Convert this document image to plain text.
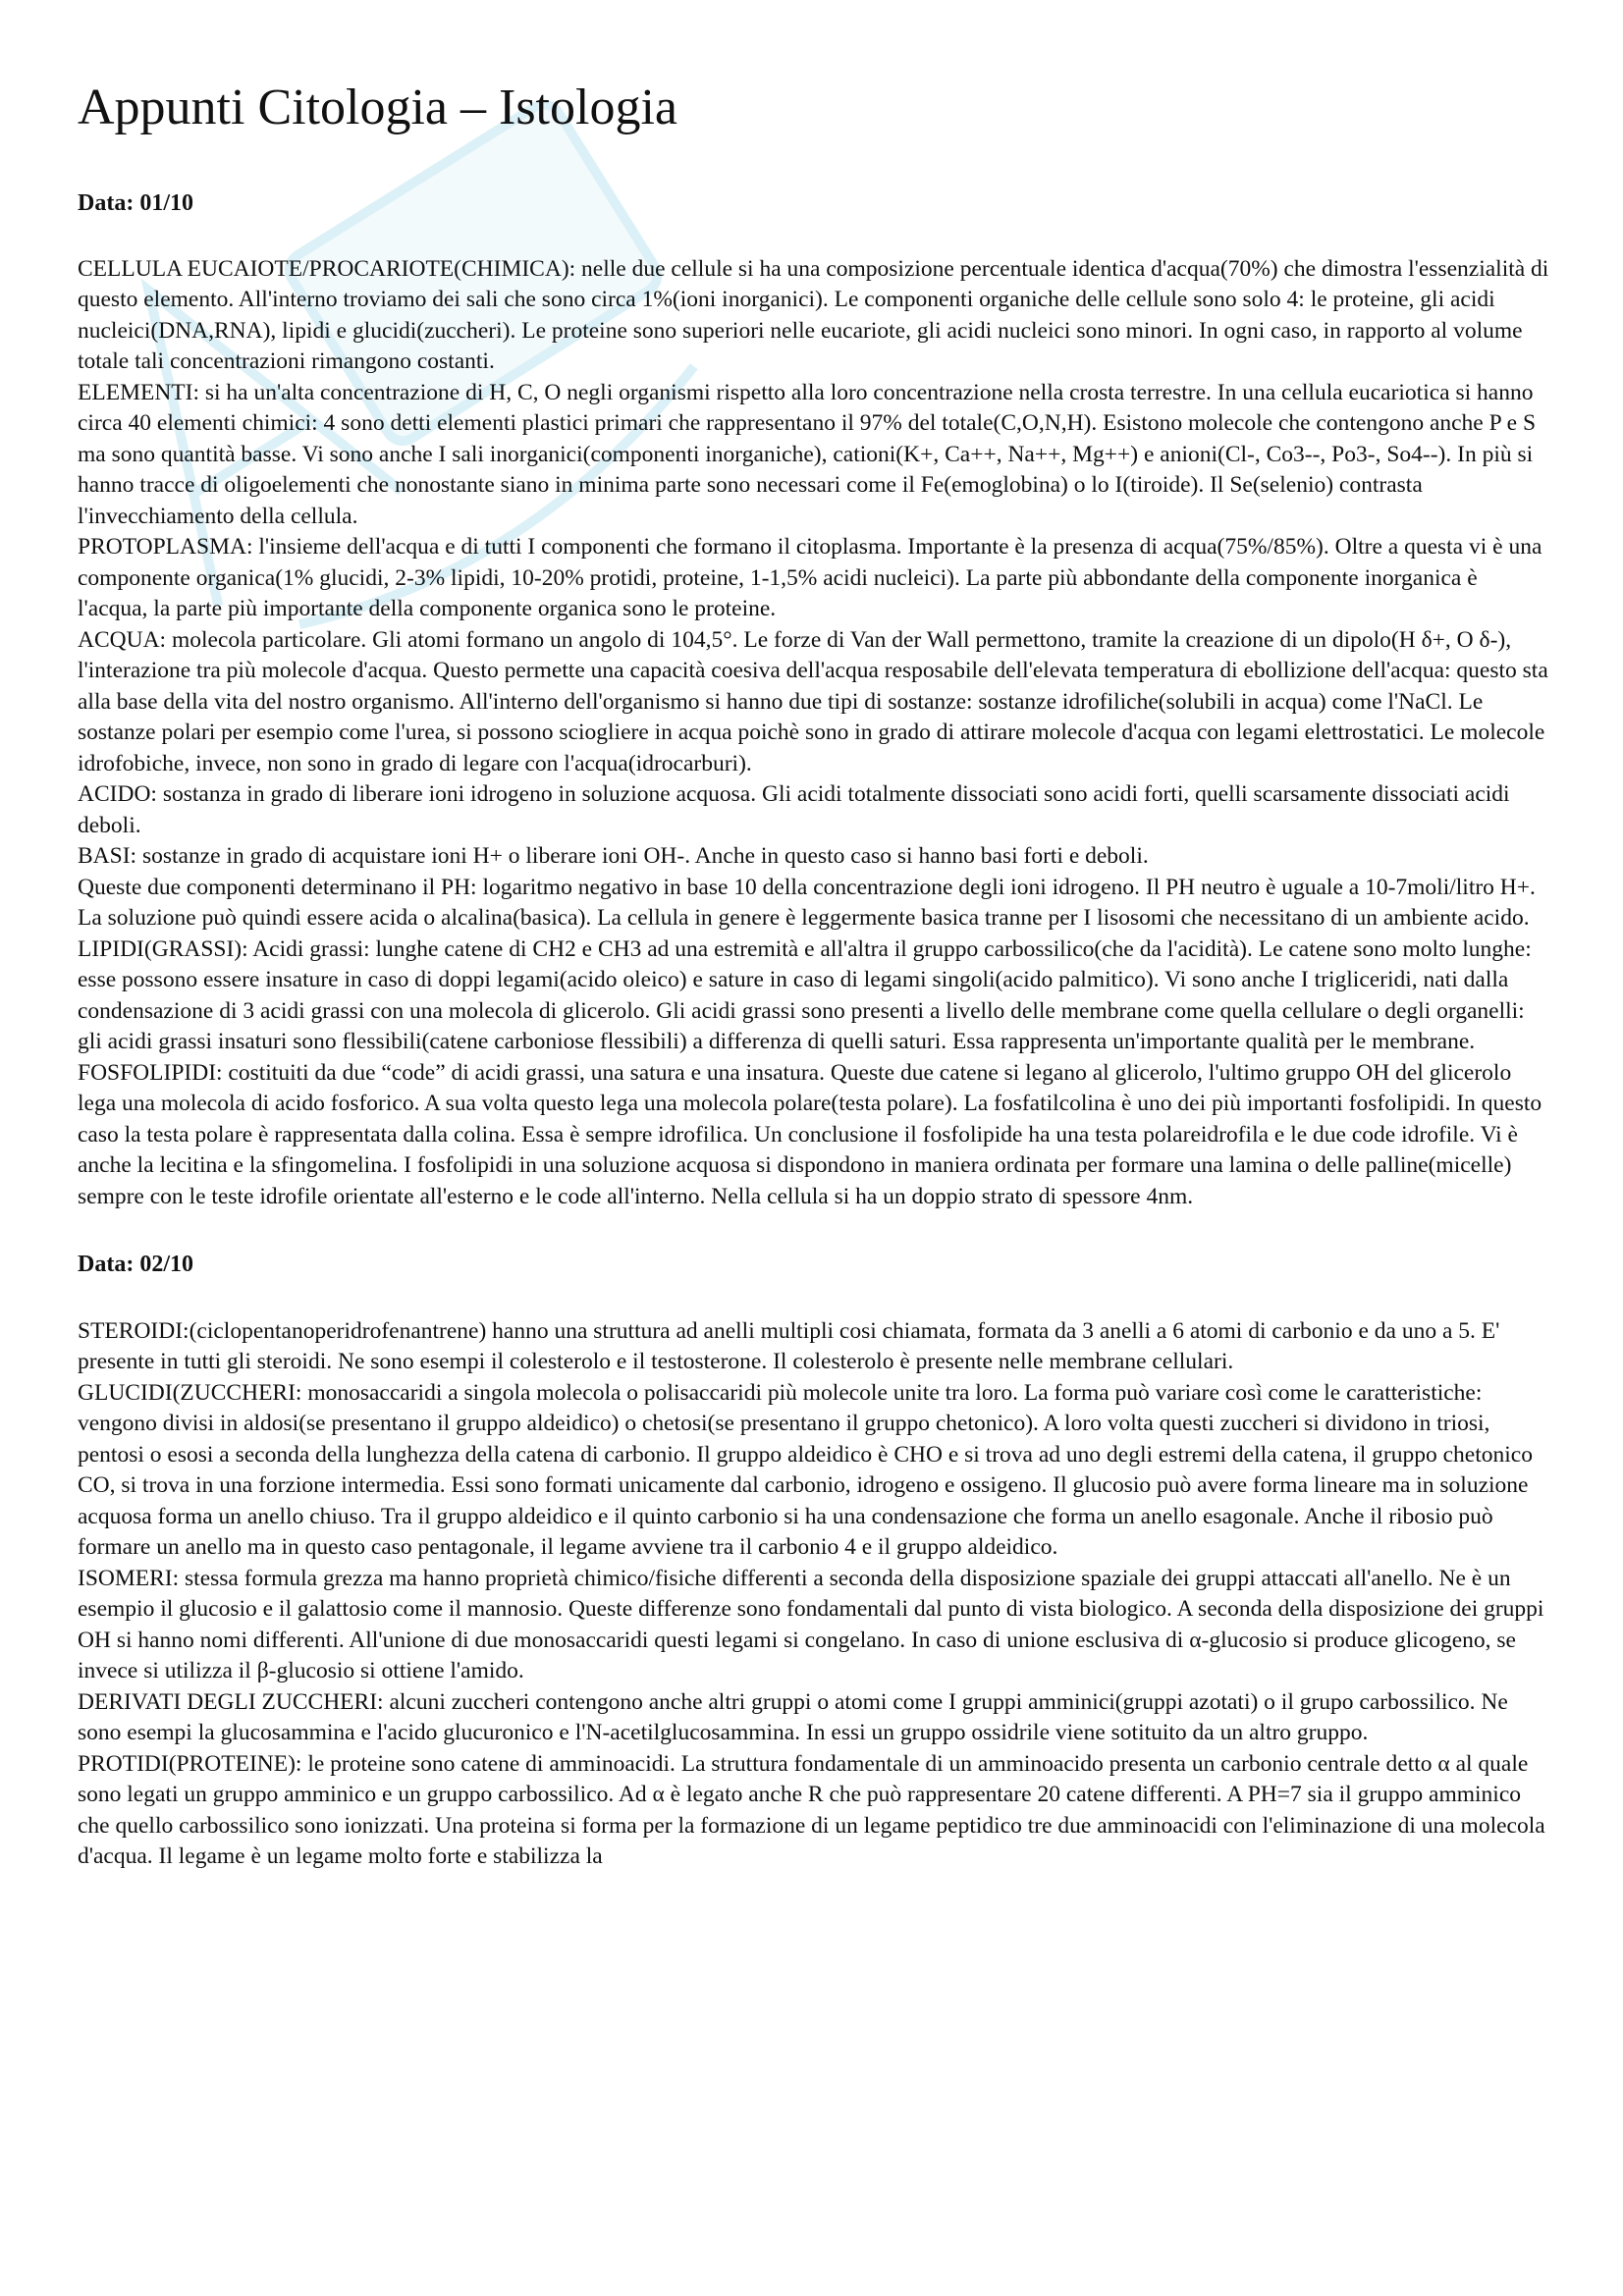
Appunti Citologia – Istologia
Data: 01/10

CELLULA EUCAIOTE/PROCARIOTE(CHIMICA): nelle due cellule si ha una composizione percentuale identica d'acqua(70%) che dimostra l'essenzialità di questo elemento. All'interno troviamo dei sali che sono circa 1%(ioni inorganici). Le componenti organiche delle cellule sono solo 4: le proteine, gli acidi nucleici(DNA,RNA), lipidi e glucidi(zuccheri). Le proteine sono superiori nelle eucariote, gli acidi nucleici sono minori. In ogni caso, in rapporto al volume totale tali concentrazioni rimangono costanti.

ELEMENTI: si ha un'alta concentrazione di H, C, O negli organismi rispetto alla loro concentrazione nella crosta terrestre. In una cellula eucariotica si hanno circa 40 elementi chimici: 4 sono detti elementi plastici primari che rappresentano il 97% del totale(C,O,N,H). Esistono molecole che contengono anche P e S ma sono quantità basse. Vi sono anche I sali inorganici(componenti inorganiche), cationi(K+, Ca++, Na++, Mg++) e anioni(Cl-, Co3--, Po3-, So4--). In più si hanno tracce di oligoelementi che nonostante siano in minima parte sono necessari come il Fe(emoglobina) o lo I(tiroide). Il Se(selenio) contrasta l'invecchiamento della cellula.

PROTOPLASMA: l'insieme dell'acqua e di tutti I componenti che formano il citoplasma. Importante è la presenza di acqua(75%/85%). Oltre a questa vi è una componente organica(1% glucidi, 2-3% lipidi, 10-20% protidi, proteine, 1-1,5% acidi nucleici). La parte più abbondante della componente inorganica è l'acqua, la parte più importante della componente organica sono le proteine.

ACQUA: molecola particolare. Gli atomi formano un angolo di 104,5°. Le forze di Van der Wall permettono, tramite la creazione di un dipolo(H δ+, O δ-), l'interazione tra più molecole d'acqua. Questo permette una capacità coesiva dell'acqua resposabile dell'elevata temperatura di ebollizione dell'acqua: questo sta alla base della vita del nostro organismo. All'interno dell'organismo si hanno due tipi di sostanze: sostanze idrofiliche(solubili in acqua) come l'NaCl. Le sostanze polari per esempio come l'urea, si possono sciogliere in acqua poichè sono in grado di attirare molecole d'acqua con legami elettrostatici. Le molecole idrofobiche, invece, non sono in grado di legare con l'acqua(idrocarburi).

ACIDO: sostanza in grado di liberare ioni idrogeno in soluzione acquosa. Gli acidi totalmente dissociati sono acidi forti, quelli scarsamente dissociati acidi deboli.

BASI: sostanze in grado di acquistare ioni H+ o liberare ioni OH-. Anche in questo caso si hanno basi forti e deboli.

Queste due componenti determinano il PH: logaritmo negativo in base 10 della concentrazione degli ioni idrogeno. Il PH neutro è uguale a 10-7moli/litro H+. La soluzione può quindi essere acida o alcalina(basica). La cellula in genere è leggermente basica tranne per I lisosomi che necessitano di un ambiente acido.

LIPIDI(GRASSI): Acidi grassi: lunghe catene di CH2 e CH3 ad una estremità e all'altra il gruppo carbossilico(che da l'acidità). Le catene sono molto lunghe: esse possono essere insature in caso di doppi legami(acido oleico) e sature in caso di legami singoli(acido palmitico). Vi sono anche I trigliceridi, nati dalla condensazione di 3 acidi grassi con una molecola di glicerolo. Gli acidi grassi sono presenti a livello delle membrane come quella cellulare o degli organelli: gli acidi grassi insaturi sono flessibili(catene carboniose flessibili) a differenza di quelli saturi. Essa rappresenta un'importante qualità per le membrane.

FOSFOLIPIDI: costituiti da due “code” di acidi grassi, una satura e una insatura. Queste due catene si legano al glicerolo, l'ultimo gruppo OH del glicerolo lega una molecola di acido fosforico. A sua volta questo lega una molecola polare(testa polare). La fosfatilcolina è uno dei più importanti fosfolipidi. In questo caso la testa polare è rappresentata dalla colina. Essa è sempre idrofilica. Un conclusione il fosfolipide ha una testa polareidrofila e le due code idrofile. Vi è anche la lecitina e la sfingomelina. I fosfolipidi in una soluzione acquosa si dispondono in maniera ordinata per formare una lamina o delle palline(micelle) sempre con le teste idrofile orientate all'esterno e le code all'interno. Nella cellula si ha un doppio strato di spessore 4nm.

Data: 02/10

STEROIDI:(ciclopentanoperidrofenantrene) hanno una struttura ad anelli multipli cosi chiamata, formata da 3 anelli a 6 atomi di carbonio e da uno a 5. E' presente in tutti gli steroidi. Ne sono esempi il colesterolo e il testosterone. Il colesterolo è presente nelle membrane cellulari.

GLUCIDI(ZUCCHERI: monosaccaridi a singola molecola o polisaccaridi più molecole unite tra loro. La forma può variare così come le caratteristiche: vengono divisi in aldosi(se presentano il gruppo aldeidico) o chetosi(se presentano il gruppo chetonico). A loro volta questi zuccheri si dividono in triosi, pentosi o esosi a seconda della lunghezza della catena di carbonio. Il gruppo aldeidico è CHO e si trova ad uno degli estremi della catena, il gruppo chetonico CO, si trova in una forzione intermedia. Essi sono formati unicamente dal carbonio, idrogeno e ossigeno. Il glucosio può avere forma lineare ma in soluzione acquosa forma un anello chiuso. Tra il gruppo aldeidico e il quinto carbonio si ha una condensazione che forma un anello esagonale. Anche il ribosio può formare un anello ma in questo caso pentagonale, il legame avviene tra il carbonio 4 e il gruppo aldeidico.

ISOMERI: stessa formula grezza ma hanno proprietà chimico/fisiche differenti a seconda della disposizione spaziale dei gruppi attaccati all'anello. Ne è un esempio il glucosio e il galattosio come il mannosio. Queste differenze sono fondamentali dal punto di vista biologico. A seconda della disposizione dei gruppi OH si hanno nomi differenti. All'unione di due monosaccaridi questi legami si congelano. In caso di unione esclusiva di α-glucosio si produce glicogeno, se invece si utilizza il β-glucosio si ottiene l'amido.

DERIVATI DEGLI ZUCCHERI: alcuni zuccheri contengono anche altri gruppi o atomi come I gruppi amminici(gruppi azotati) o il grupo carbossilico. Ne sono esempi la glucosammina e l'acido glucuronico e l'N-acetilglucosammina. In essi un gruppo ossidrile viene sotituito da un altro gruppo.

PROTIDI(PROTEINE): le proteine sono catene di amminoacidi. La struttura fondamentale di un amminoacido presenta un carbonio centrale detto α al quale sono legati un gruppo amminico e un gruppo carbossilico. Ad α è legato anche R che può rappresentare 20 catene differenti. A PH=7 sia il gruppo amminico che quello carbossilico sono ionizzati. Una proteina si forma per la formazione di un legame peptidico tre due amminoacidi con l'eliminazione di una molecola d'acqua. Il legame è un legame molto forte e stabilizza la
